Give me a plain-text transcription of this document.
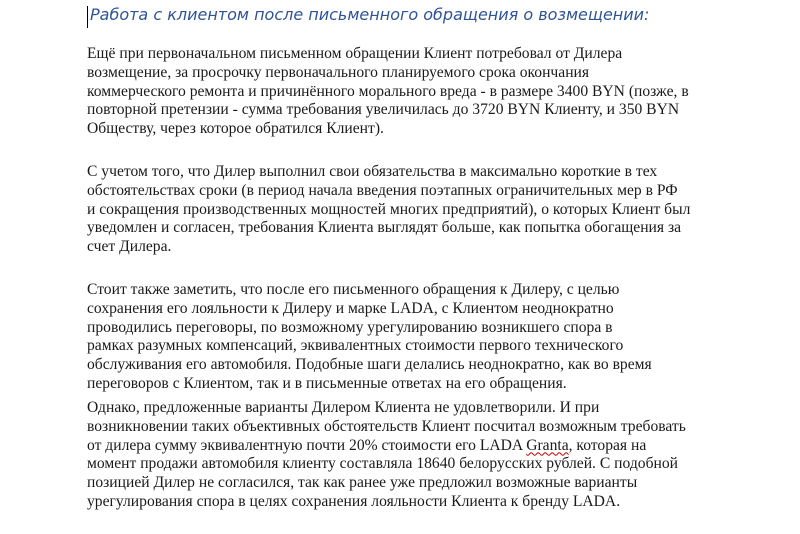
Работа с клиентом после письменного обращения о возмещении:

Ещё при первоначальном письменном обращении Клиент потребовал от Дилера
возмещение, за просрочку первоначального планируемого срока окончания
коммерческого ремонта и причинённого морального вреда - в размере 3400 BYN (позже, в
повторной претензии - сумма требования увеличилась до 3720 BYN Клиенту, и 350 BYN
Обществу, через которое обратился Клиент).

С учетом того, что Дилер выполнил свои обязательства в максимально короткие в тех
обстоятельствах сроки (в период начала введения поэтапных ограничительных мер в РФ
и сокращения производственных мощностей многих предприятий), о которых Клиент был
уведомлен и согласен, требования Клиента выглядят больше, как попытка обогащения за
счет Дилера.

Стоит также заметить, что после его письменного обращения к Дилеру, с целью
сохранения его лояльности к Дилеру и марке LADA, с Клиентом неоднократно
проводились переговоры, по возможному урегулированию возникшего спора в
рамках разумных компенсаций, эквивалентных стоимости первого технического
обслуживания его автомобиля. Подобные шаги делались неоднократно, как во время
переговоров с Клиентом, так и в письменные ответах на его обращения.

Однако, предложенные варианты Дилером Клиента не удовлетворили. И при
возникновении таких объективных обстоятельств Клиент посчитал возможным требовать
от дилера сумму эквивалентную почти 20% стоимости его LADA Granta, которая на
момент продажи автомобиля клиенту составляла 18640 белорусских рублей. С подобной
позицией Дилер не согласился, так как ранее уже предложил возможные варианты
урегулирования спора в целях сохранения лояльности Клиента к бренду LADA.
